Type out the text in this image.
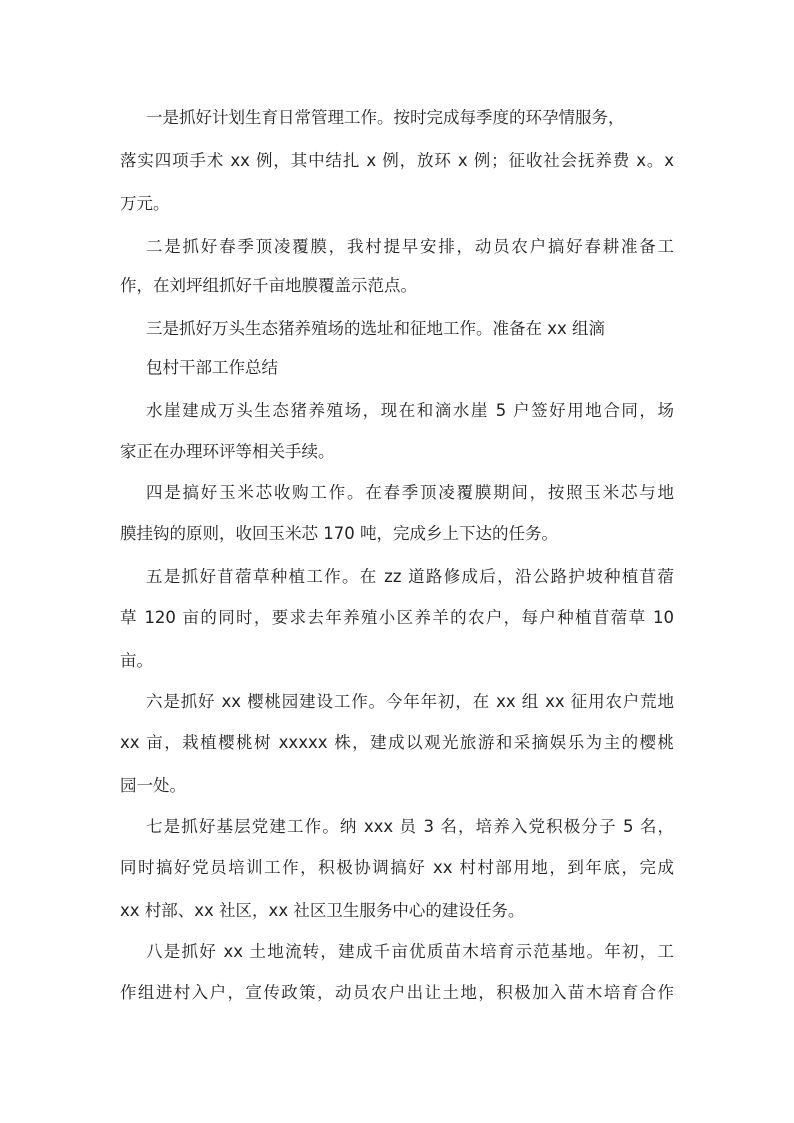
一是抓好计划生育日常管理工作。按时完成每季度的环孕情服务，
落实四项手术 xx 例，其中结扎 x 例，放环 x 例；征收社会抚养费 x。x
万元。
二是抓好春季顶凌覆膜，我村提早安排，动员农户搞好春耕准备工
作，在刘坪组抓好千亩地膜覆盖示范点。
三是抓好万头生态猪养殖场的选址和征地工作。准备在 xx 组滴
包村干部工作总结
水崖建成万头生态猪养殖场，现在和滴水崖 5 户签好用地合同，场
家正在办理环评等相关手续。
四是搞好玉米芯收购工作。在春季顶凌覆膜期间，按照玉米芯与地
膜挂钩的原则，收回玉米芯 170 吨，完成乡上下达的任务。
五是抓好苜蓿草种植工作。在 zz 道路修成后，沿公路护坡种植苜蓿
草 120 亩的同时，要求去年养殖小区养羊的农户，每户种植苜蓿草 10
亩。
六是抓好 xx 樱桃园建设工作。今年年初，在 xx 组 xx 征用农户荒地
xx 亩，栽植樱桃树 xxxxx 株，建成以观光旅游和采摘娱乐为主的樱桃
园一处。
七是抓好基层党建工作。纳 xxx 员 3 名，培养入党积极分子 5 名，
同时搞好党员培训工作，积极协调搞好 xx 村村部用地，到年底，完成
xx 村部、xx 社区，xx 社区卫生服务中心的建设任务。
八是抓好 xx 土地流转，建成千亩优质苗木培育示范基地。年初，工
作组进村入户，宣传政策，动员农户出让土地，积极加入苗木培育合作
